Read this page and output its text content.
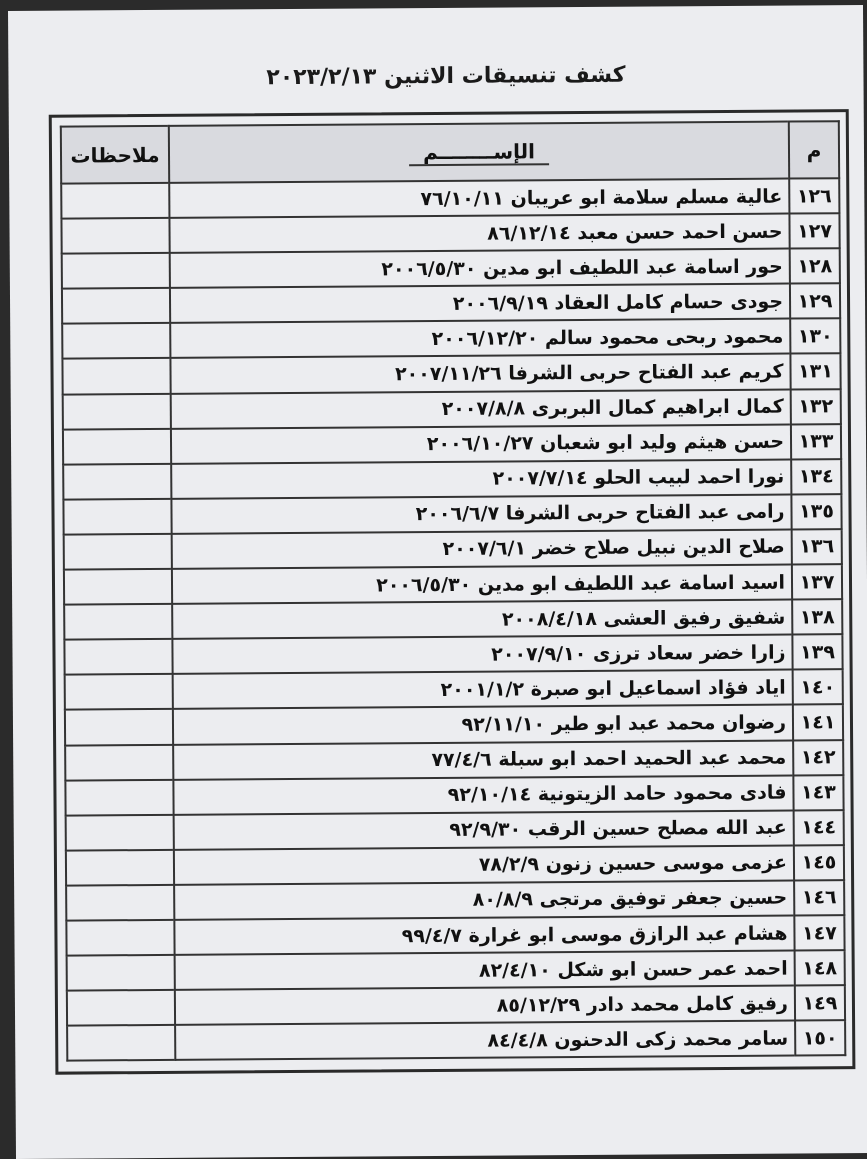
كشف تنسيقات الاثنين ٢٠٢٣/٢/١٣
م	الإســــــــم	ملاحظات
١٢٦	عالية مسلم سلامة ابو عريبان ٧٦/١٠/١١	
١٢٧	حسن احمد حسن معبد ٨٦/١٢/١٤	
١٢٨	حور اسامة عبد اللطيف ابو مدين ٢٠٠٦/٥/٣٠	
١٢٩	جودى حسام كامل العقاد ٢٠٠٦/٩/١٩	
١٣٠	محمود ربحى محمود سالم ٢٠٠٦/١٢/٢٠	
١٣١	كريم عبد الفتاح حربى الشرفا ٢٠٠٧/١١/٢٦	
١٣٢	كمال ابراهيم كمال البربرى ٢٠٠٧/٨/٨	
١٣٣	حسن هيثم وليد ابو شعبان ٢٠٠٦/١٠/٢٧	
١٣٤	نورا احمد لبيب الحلو ٢٠٠٧/٧/١٤	
١٣٥	رامى عبد الفتاح حربى الشرفا ٢٠٠٦/٦/٧	
١٣٦	صلاح الدين نبيل صلاح خضر ٢٠٠٧/٦/١	
١٣٧	اسيد اسامة عبد اللطيف ابو مدين ٢٠٠٦/٥/٣٠	
١٣٨	شفيق رفيق العشى ٢٠٠٨/٤/١٨	
١٣٩	زارا خضر سعاد ترزى ٢٠٠٧/٩/١٠	
١٤٠	اياد فؤاد اسماعيل ابو صبرة ٢٠٠١/١/٢	
١٤١	رضوان محمد عبد ابو طير ٩٢/١١/١٠	
١٤٢	محمد عبد الحميد احمد ابو سبلة ٧٧/٤/٦	
١٤٣	فادى محمود حامد الزيتونية ٩٢/١٠/١٤	
١٤٤	عبد الله مصلح حسين الرقب ٩٢/٩/٣٠	
١٤٥	عزمى موسى حسين زنون ٧٨/٢/٩	
١٤٦	حسين جعفر توفيق مرتجى ٨٠/٨/٩	
١٤٧	هشام عبد الرازق موسى ابو غرارة ٩٩/٤/٧	
١٤٨	احمد عمر حسن ابو شكل ٨٢/٤/١٠	
١٤٩	رفيق كامل محمد دادر ٨٥/١٢/٢٩	
١٥٠	سامر محمد زكى الدحنون ٨٤/٤/٨	
